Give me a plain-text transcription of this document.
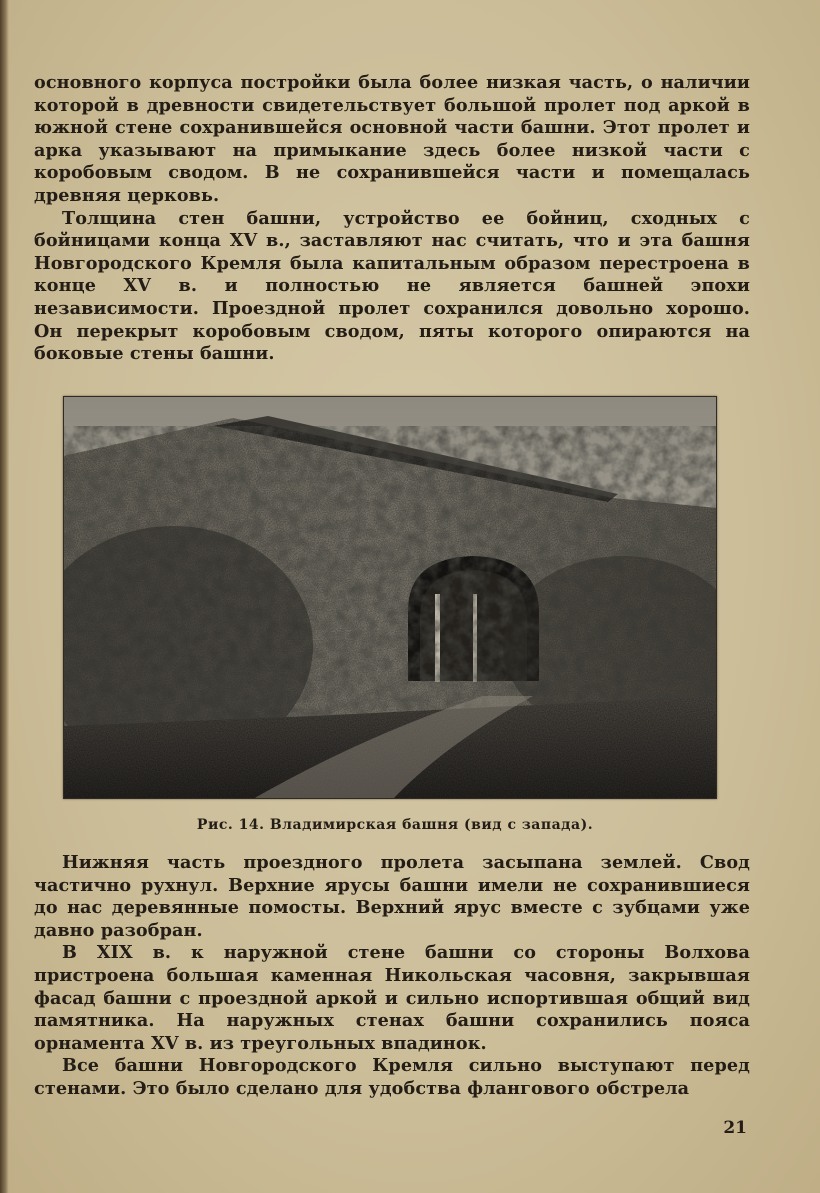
основного корпуса постройки была более низкая часть, о наличии которой в древности свидетельствует большой пролет под аркой в южной стене сохранившейся основной части башни. Этот пролет и арка указывают на примыкание здесь более низкой части с коробовым сводом. В не сохранившейся части и помещалась древняя церковь.

Толщина стен башни, устройство ее бойниц, сходных с бойницами конца XV в., заставляют нас считать, что и эта башня Новгородского Кремля была капитальным образом перестроена в конце XV в. и полностью не является башней эпохи независимости. Проездной пролет сохранился довольно хорошо. Он перекрыт коробовым сводом, пяты которого опираются на боковые стены башни.

Рис. 14. Владимирская башня (вид с запада).

Нижняя часть проездного пролета засыпана землей. Свод частично рухнул. Верхние ярусы башни имели не сохранившиеся до нас деревянные помосты. Верхний ярус вместе с зубцами уже давно разобран.

В XIX в. к наружной стене башни со стороны Волхова пристроена большая каменная Никольская часовня, закрывшая фасад башни с проездной аркой и сильно испортившая общий вид памятника. На наружных стенах башни сохранились пояса орнамента XV в. из треугольных впадинок.

Все башни Новгородского Кремля сильно выступают перед стенами. Это было сделано для удобства флангового обстрела

21
